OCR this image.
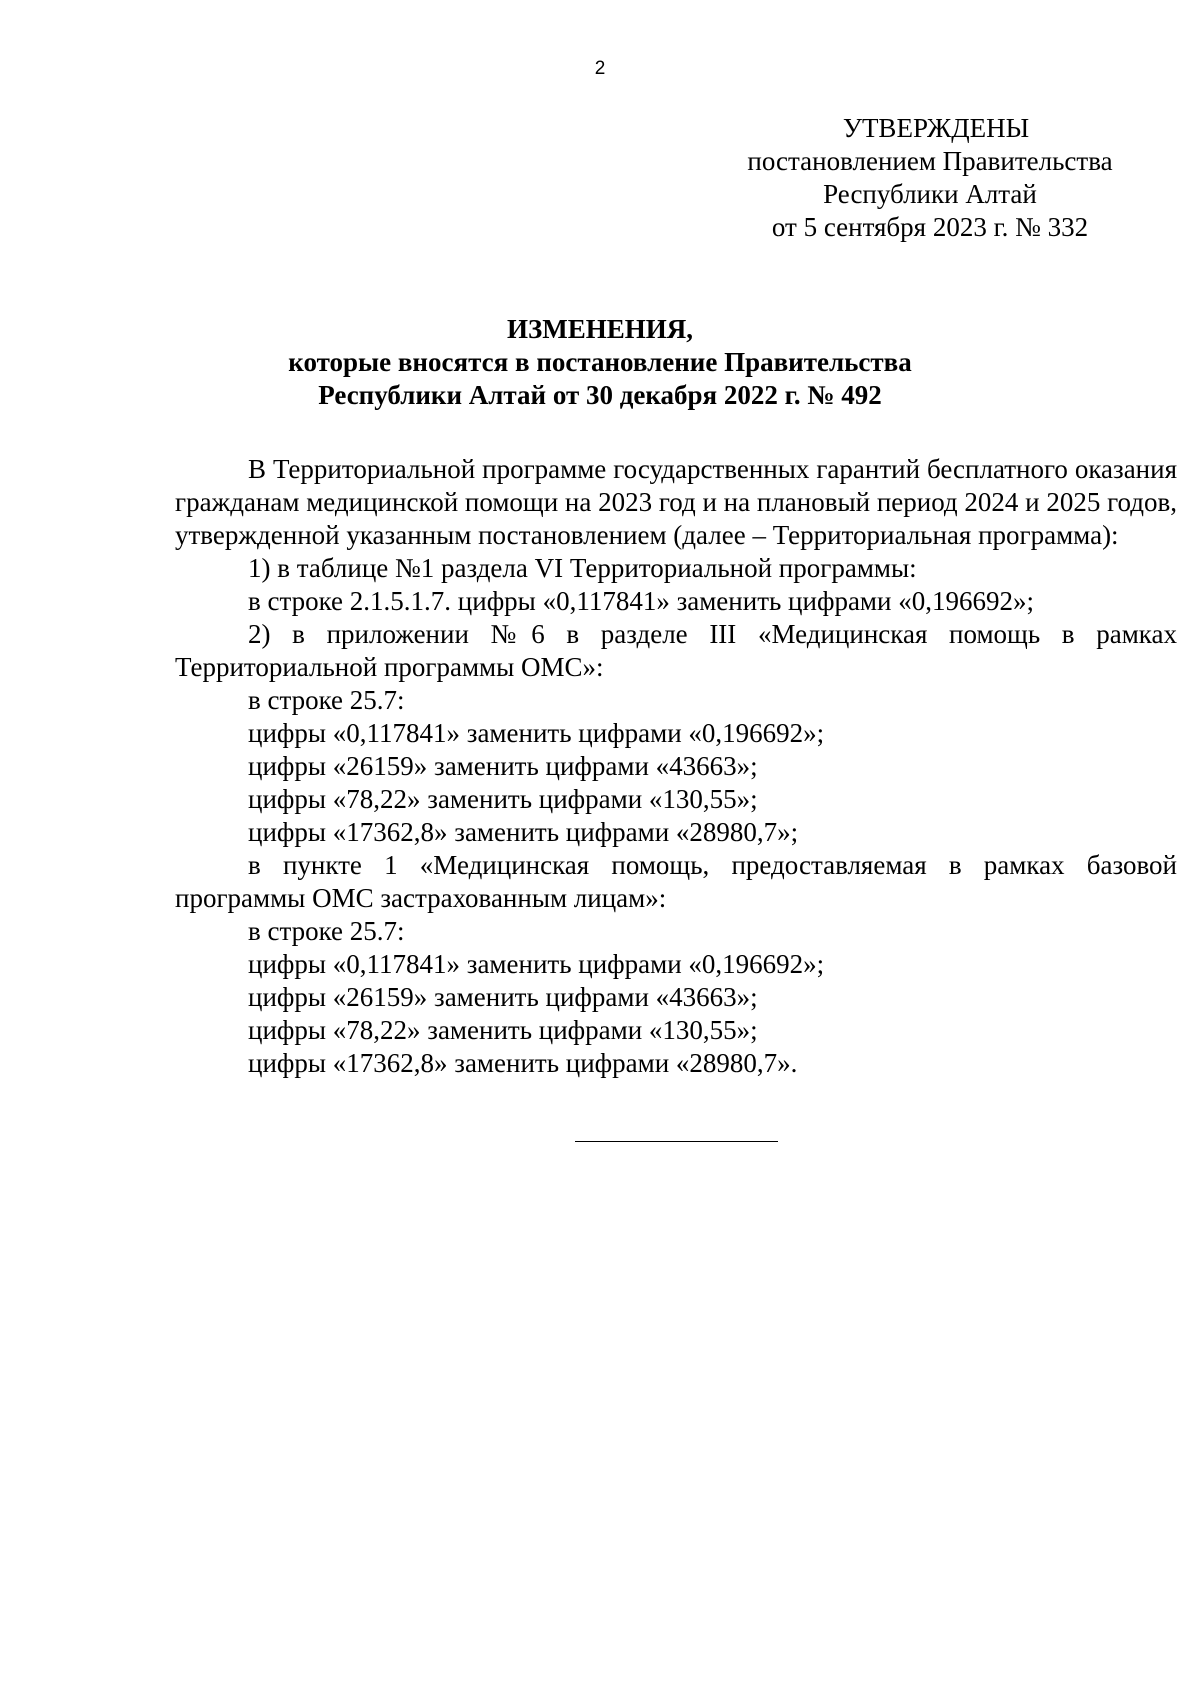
2
УТВЕРЖДЕНЫ
постановлением Правительства
Республики Алтай
от 5 сентября 2023 г. № 332
ИЗМЕНЕНИЯ,
которые вносятся в постановление Правительства
Республики Алтай от 30 декабря 2022 г. № 492
В Территориальной программе государственных гарантий бесплатного оказания гражданам медицинской помощи на 2023 год и на плановый период 2024 и 2025 годов, утвержденной указанным постановлением (далее – Территориальная программа):
1) в таблице №1 раздела VI Территориальной программы:
в строке 2.1.5.1.7. цифры «0,117841» заменить цифрами «0,196692»;
2) в приложении №6 в разделе III «Медицинская помощь в рамках Территориальной программы ОМС»:
в строке 25.7:
цифры «0,117841» заменить цифрами «0,196692»;
цифры «26159» заменить цифрами «43663»;
цифры «78,22» заменить цифрами «130,55»;
цифры «17362,8» заменить цифрами «28980,7»;
в пункте 1 «Медицинская помощь, предоставляемая в рамках базовой программы ОМС застрахованным лицам»:
в строке 25.7:
цифры «0,117841» заменить цифрами «0,196692»;
цифры «26159» заменить цифрами «43663»;
цифры «78,22» заменить цифрами «130,55»;
цифры «17362,8» заменить цифрами «28980,7».
